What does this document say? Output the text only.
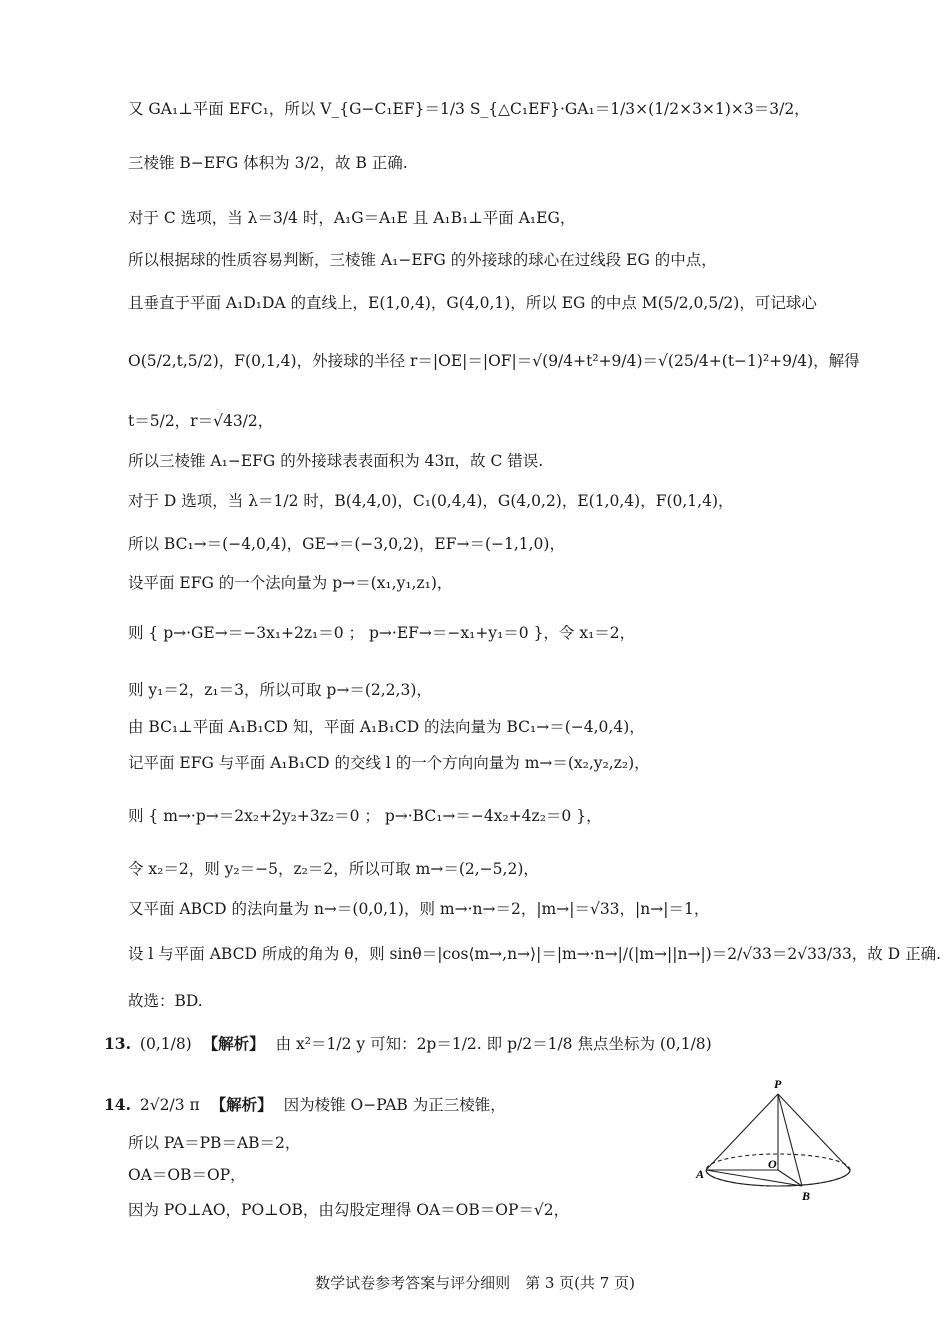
又 GA₁⊥平面 EFC₁，所以 V_{G−C₁EF}＝1/3 S_{△C₁EF}·GA₁＝1/3×(1/2×3×1)×3＝3/2，
三棱锥 B−EFG 体积为 3/2，故 B 正确.
对于 C 选项，当 λ＝3/4 时，A₁G＝A₁E 且 A₁B₁⊥平面 A₁EG，
所以根据球的性质容易判断，三棱锥 A₁−EFG 的外接球的球心在过线段 EG 的中点，
且垂直于平面 A₁D₁DA 的直线上，E(1,0,4)，G(4,0,1)，所以 EG 的中点 M(5/2,0,5/2)，可记球心
O(5/2,t,5/2)，F(0,1,4)，外接球的半径 r＝|OE|＝|OF|＝√(9/4+t²+9/4)＝√(25/4+(t−1)²+9/4)，解得
t＝5/2，r＝√43/2，
所以三棱锥 A₁−EFG 的外接球表表面积为 43π，故 C 错误.
对于 D 选项，当 λ＝1/2 时，B(4,4,0)，C₁(0,4,4)，G(4,0,2)，E(1,0,4)，F(0,1,4)，
所以 BC₁→＝(−4,0,4)，GE→＝(−3,0,2)，EF→＝(−1,1,0)，
设平面 EFG 的一个法向量为 p→＝(x₁,y₁,z₁)，
则 { p→·GE→＝−3x₁+2z₁＝0 ； p→·EF→＝−x₁+y₁＝0 }，令 x₁＝2，
则 y₁＝2，z₁＝3，所以可取 p→＝(2,2,3)，
由 BC₁⊥平面 A₁B₁CD 知，平面 A₁B₁CD 的法向量为 BC₁→＝(−4,0,4)，
记平面 EFG 与平面 A₁B₁CD 的交线 l 的一个方向向量为 m→＝(x₂,y₂,z₂)，
则 { m→·p→＝2x₂+2y₂+3z₂＝0 ； p→·BC₁→＝−4x₂+4z₂＝0 }，
令 x₂＝2，则 y₂＝−5，z₂＝2，所以可取 m→＝(2,−5,2)，
又平面 ABCD 的法向量为 n→＝(0,0,1)，则 m→·n→＝2，|m→|＝√33，|n→|＝1，
设 l 与平面 ABCD 所成的角为 θ，则 sinθ＝|cos⟨m→,n→⟩|＝|m→·n→|/(|m→||n→|)＝2/√33＝2√33/33，故 D 正确.
故选：BD.
13. (0,1/8) 【解析】 由 x²＝1/2 y 可知：2p＝1/2. 即 p/2＝1/8 焦点坐标为 (0,1/8)
14. 2√2/3 π 【解析】 因为棱锥 O−PAB 为正三棱锥，
所以 PA＝PB＝AB＝2，
OA＝OB＝OP，
因为 PO⊥AO，PO⊥OB，由勾股定理得 OA＝OB＝OP＝√2，
P
O
A
B
数学试卷参考答案与评分细则　第 3 页(共 7 页)
